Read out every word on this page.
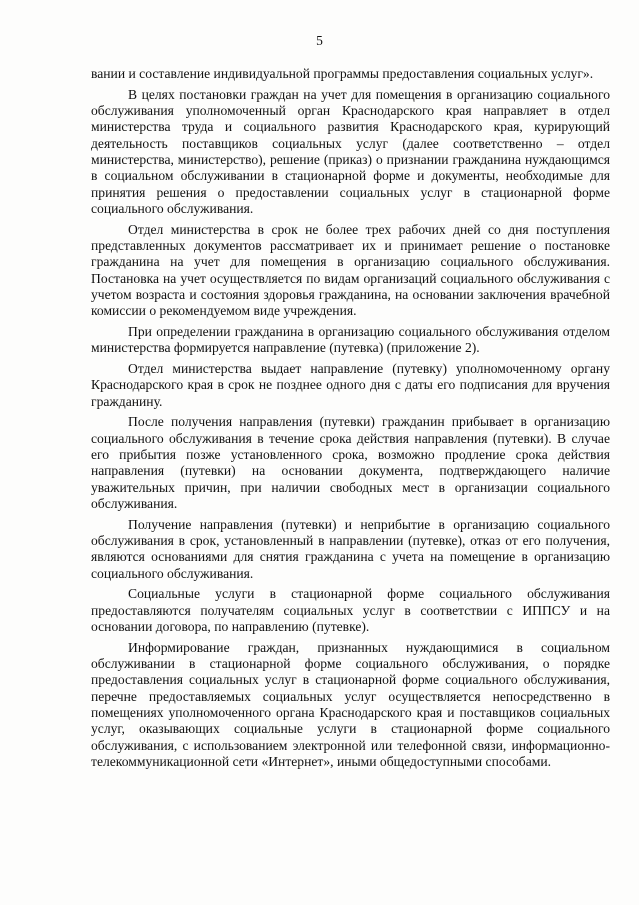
5

вании и составление индивидуальной программы предоставления социальных услуг».

В целях постановки граждан на учет для помещения в организацию социального обслуживания уполномоченный орган Краснодарского края направляет в отдел министерства труда и социального развития Краснодарского края, курирующий деятельность поставщиков социальных услуг (далее соответственно – отдел министерства, министерство), решение (приказ) о признании гражданина нуждающимся в социальном обслуживании в стационарной форме и документы, необходимые для принятия решения о предоставлении социальных услуг в стационарной форме социального обслуживания.

Отдел министерства в срок не более трех рабочих дней со дня поступления представленных документов рассматривает их и принимает решение о постановке гражданина на учет для помещения в организацию социального обслуживания. Постановка на учет осуществляется по видам организаций социального обслуживания с учетом возраста и состояния здоровья гражданина, на основании заключения врачебной комиссии о рекомендуемом виде учреждения.

При определении гражданина в организацию социального обслуживания отделом министерства формируется направление (путевка) (приложение 2).

Отдел министерства выдает направление (путевку) уполномоченному органу Краснодарского края в срок не позднее одного дня с даты его подписания для вручения гражданину.

После получения направления (путевки) гражданин прибывает в организацию социального обслуживания в течение срока действия направления (путевки). В случае его прибытия позже установленного срока, возможно продление срока действия направления (путевки) на основании документа, подтверждающего наличие уважительных причин, при наличии свободных мест в организации социального обслуживания.

Получение направления (путевки) и неприбытие в организацию социального обслуживания в срок, установленный в направлении (путевке), отказ от его получения, являются основаниями для снятия гражданина с учета на помещение в организацию социального обслуживания.

Социальные услуги в стационарной форме социального обслуживания предоставляются получателям социальных услуг в соответствии с ИППСУ и на основании договора, по направлению (путевке).

Информирование граждан, признанных нуждающимися в социальном обслуживании в стационарной форме социального обслуживания, о порядке предоставления социальных услуг в стационарной форме социального обслуживания, перечне предоставляемых социальных услуг осуществляется непосредственно в помещениях уполномоченного органа Краснодарского края и поставщиков социальных услуг, оказывающих социальные услуги в стационарной форме социального обслуживания, с использованием электронной или телефонной связи, информационно-телекоммуникационной сети «Интернет», иными общедоступными способами.
